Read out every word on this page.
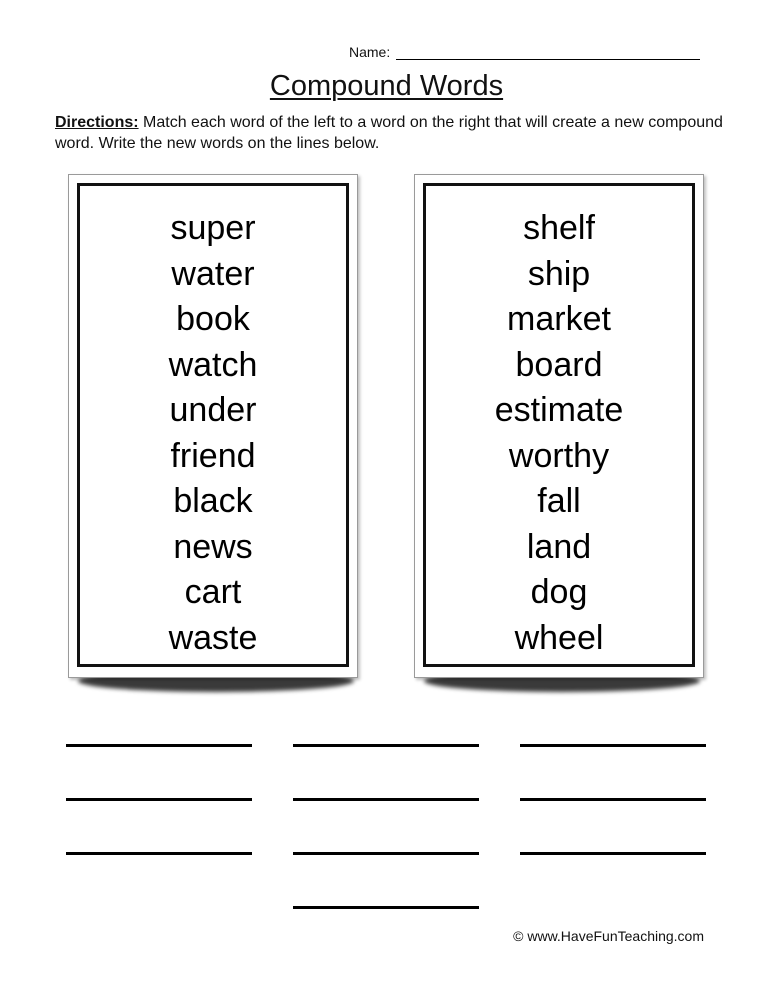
Name:
Compound Words
Directions: Match each word of the left to a word on the right that will create a new compound word. Write the new words on the lines below.
super
water
book
watch
under
friend
black
news
cart
waste
shelf
ship
market
board
estimate
worthy
fall
land
dog
wheel
© www.HaveFunTeaching.com
